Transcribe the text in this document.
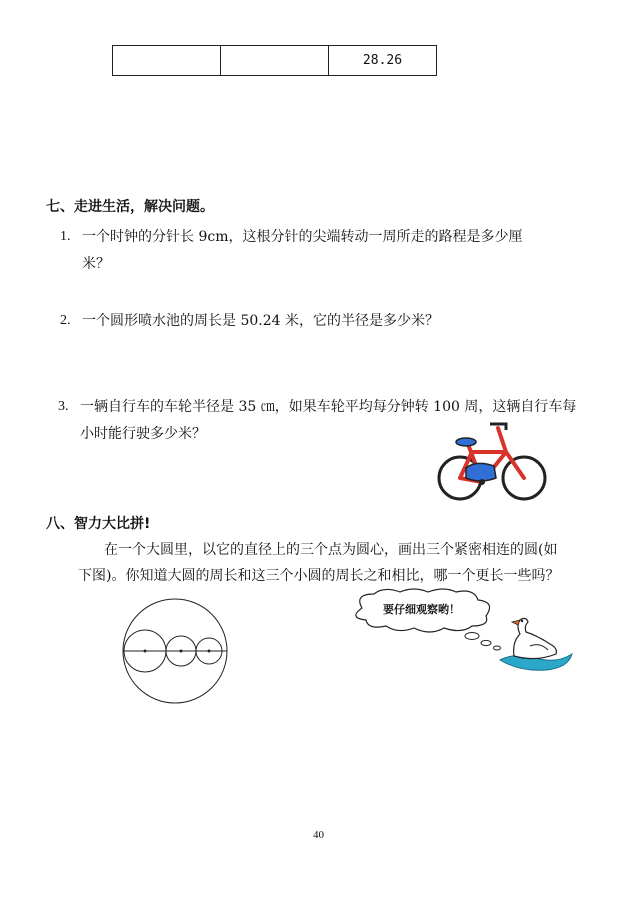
		28.26
七、走进生活，解决问题。
1. 一个时钟的分针长 9cm，这根分针的尖端转动一周所走的路程是多少厘
米？
2. 一个圆形喷水池的周长是 50.24 米，它的半径是多少米？
3. 一辆自行车的车轮半径是 35 ㎝，如果车轮平均每分钟转 100 周，这辆自行车每
小时能行驶多少米？
八、智力大比拼!
在一个大圆里，以它的直径上的三个点为圆心，画出三个紧密相连的圆(如
下图)。你知道大圆的周长和这三个小圆的周长之和相比，哪一个更长一些吗？
要仔细观察哟！
40
